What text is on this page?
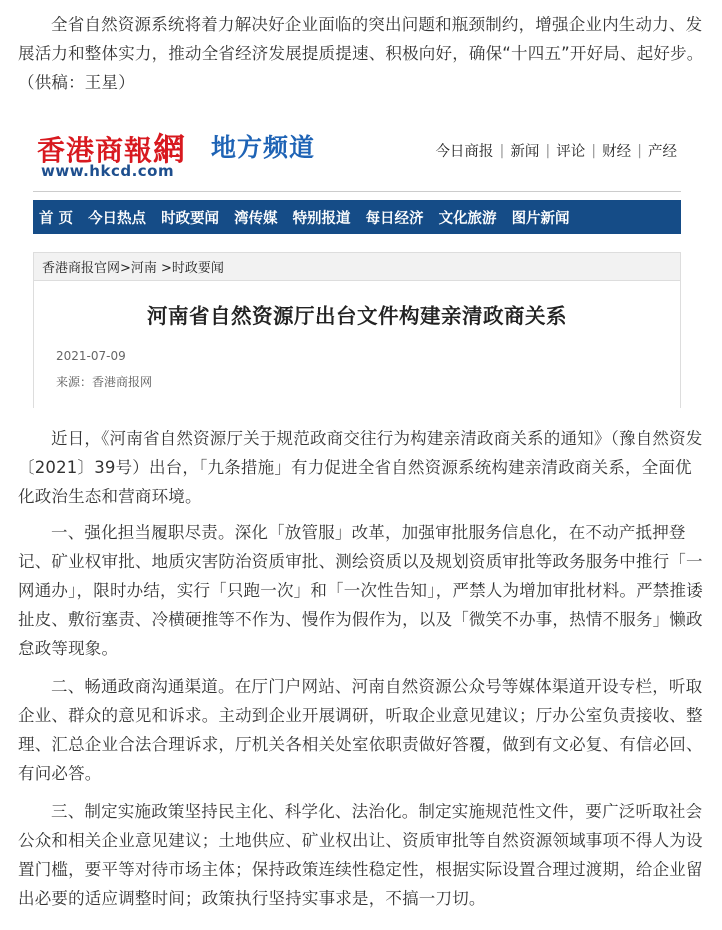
全省自然资源系统将着力解决好企业面临的突出问题和瓶颈制约，增强企业内生动力、发展活力和整体实力，推动全省经济发展提质提速、积极向好，确保“十四五”开好局、起好步。（供稿：王星）

香港商報網
www.hkcd.com
地方频道	今日商报 | 新闻 | 评论 | 财经 | 产经
首 页 今日热点 时政要闻 湾传媒 特别报道 每日经济 文化旅游 图片新闻
香港商报官网>河南 >时政要闻
河南省自然资源厅出台文件构建亲清政商关系
2021-07-09
来源：香港商报网

近日，《河南省自然资源厅关于规范政商交往行为构建亲清政商关系的通知》（豫自然资发〔2021〕39号）出台，「九条措施」有力促进全省自然资源系统构建亲清政商关系，全面优化政治生态和营商环境。

一、强化担当履职尽责。深化「放管服」改革，加强审批服务信息化，在不动产抵押登记、矿业权审批、地质灾害防治资质审批、测绘资质以及规划资质审批等政务服务中推行「一网通办」，限时办结，实行「只跑一次」和「一次性告知」，严禁人为增加审批材料。严禁推诿扯皮、敷衍塞责、冷横硬推等不作为、慢作为假作为，以及「微笑不办事，热情不服务」懒政怠政等现象。

二、畅通政商沟通渠道。在厅门户网站、河南自然资源公众号等媒体渠道开设专栏，听取企业、群众的意见和诉求。主动到企业开展调研，听取企业意见建议；厅办公室负责接收、整理、汇总企业合法合理诉求，厅机关各相关处室依职责做好答覆，做到有文必复、有信必回、有问必答。

三、制定实施政策坚持民主化、科学化、法治化。制定实施规范性文件，要广泛听取社会公众和相关企业意见建议；土地供应、矿业权出让、资质审批等自然资源领域事项不得人为设置门槛，要平等对待市场主体；保持政策连续性稳定性，根据实际设置合理过渡期，给企业留出必要的适应调整时间；政策执行坚持实事求是，不搞一刀切。
